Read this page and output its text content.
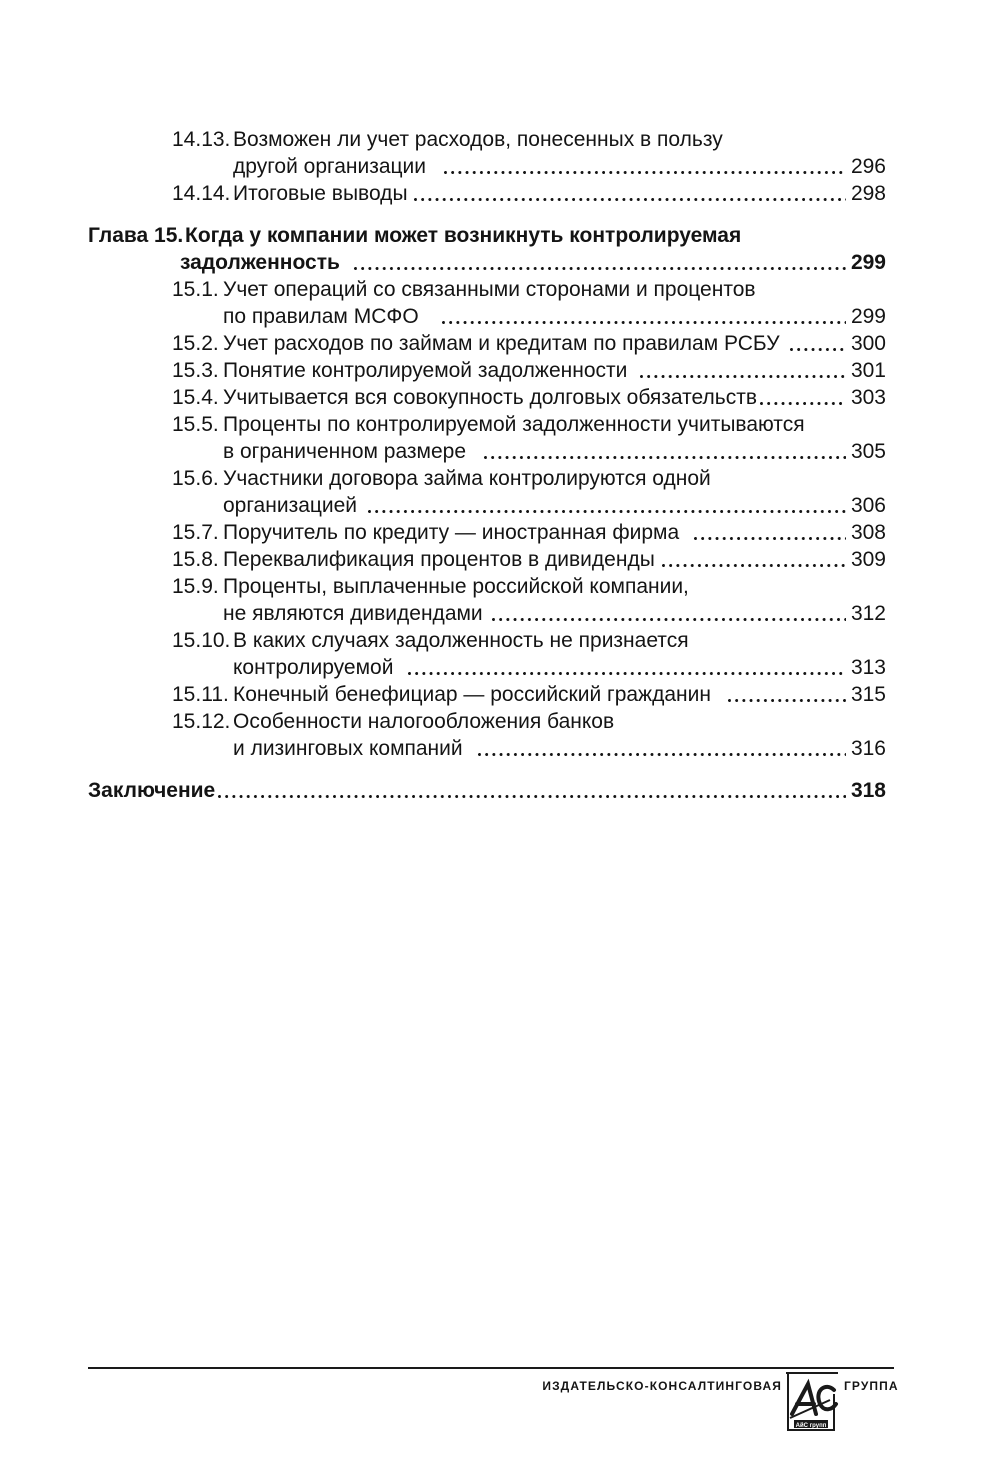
14.13. Возможен ли учет расходов, понесенных в пользу
другой организации	296
14.14. Итоговые выводы	298
Глава 15. Когда у компании может возникнуть контролируемая
задолженность	299
15.1. Учет операций со связанными сторонами и процентов
по правилам МСФО	299
15.2. Учет расходов по займам и кредитам по правилам РСБУ	300
15.3. Понятие контролируемой задолженности	301
15.4. Учитывается вся совокупность долговых обязательств	303
15.5. Проценты по контролируемой задолженности учитываются
в ограниченном размере	305
15.6. Участники договора займа контролируются одной
организацией	306
15.7. Поручитель по кредиту — иностранная фирма	308
15.8. Переквалификация процентов в дивиденды	309
15.9. Проценты, выплаченные российской компании,
не являются дивидендами	312
15.10. В каких случаях задолженность не признается
контролируемой	313
15.11. Конечный бенефициар — российский гражданин	315
15.12. Особенности налогообложения банков
и лизинговых компаний	316
Заключение	318
ИЗДАТЕЛЬСКО-КОНСАЛТИНГОВАЯ	ГРУППА
АйС групп
